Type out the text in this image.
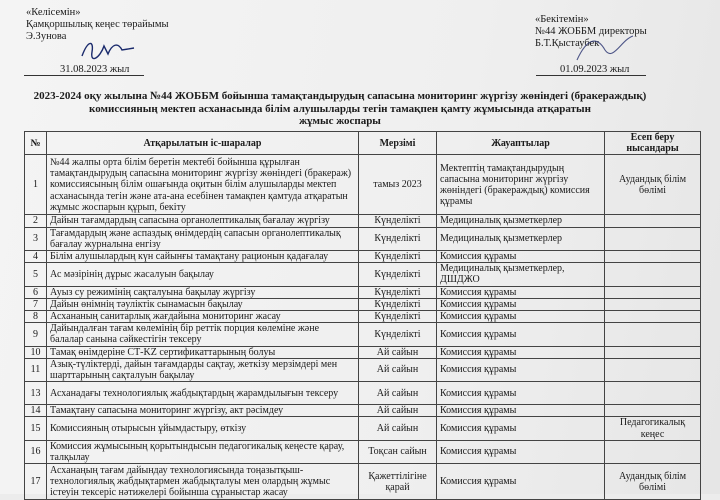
«Келісемін»
Қамқоршылық кеңес төрайымы
Э.Зунова
31.08.2023 жыл
«Бекітемін»
№44 ЖОББМ директоры
Б.Т.Қыстаубек
01.09.2023 жыл
2023-2024 оқу жылына №44 ЖОББМ бойынша тамақтандырудың сапасына мониторинг жүргізу жөніндегі (бракераждық)
комиссияның мектеп асханасында білім алушыларды тегін тамақпен қамту жұмысында атқаратын
жұмыс жоспары
№	Атқарылатын іс-шаралар	Мерзімі	Жауаптылар	Есеп беру нысандары
1	№44 жалпы орта білім беретін мектебі бойынша құрылған тамақтандырудың сапасына мониторинг жүргізу жөніндегі (бракераж) комиссиясының білім ошағында оқитын білім алушыларды мектеп асханасында тегін және ата-ана есебінен тамақпен қамтуда атқаратын жұмыс жоспарын құрып, бекіту	тамыз 2023	Мектептің тамақтандырудың сапасына мониторинг жүргізу жөніндегі (бракераждық) комиссия құрамы	Аудандық білім бөлімі
2	Дайын тағамдардың сапасына органолептикалық бағалау жүргізу	Күнделікті	Медициналық қызметкерлер	
3	Тағамдардың және аспаздық өнімдердің сапасын органолептикалық бағалау журналына енгізу	Күнделікті	Медициналық қызметкерлер	
4	Білім алушылардың күн сайынғы тамақтану рационын қадағалау	Күнделікті	Комиссия құрамы	
5	Ас мәзірінің дұрыс жасалуын бақылау	Күнделікті	Медициналық қызметкерлер, ДШДЖО	
6	Ауыз су режимінің сақталуына бақылау жүргізу	Күнделікті	Комиссия құрамы	
7	Дайын өнімнің тәуліктік сынамасын бақылау	Күнделікті	Комиссия құрамы	
8	Асхананың санитарлық жағдайына мониторинг жасау	Күнделікті	Комиссия құрамы	
9	Дайындалған тағам көлемінің бір реттік порция көлеміне және балалар санына сәйкестігін тексеру	Күнделікті	Комиссия құрамы	
10	Тамақ өнімдеріне СТ-KZ сертификаттарының болуы	Ай сайын	Комиссия құрамы	
11	Азық-түліктерді, дайын тағамдарды сақтау, жеткізу мерзімдері мен шарттарының сақталуын бақылау	Ай сайын	Комиссия құрамы	
13	Асханадағы технологиялық жабдықтардың жарамдылығын тексеру	Ай сайын	Комиссия құрамы	
14	Тамақтану сапасына мониторинг жүргізу, акт рәсімдеу	Ай сайын	Комиссия құрамы	
15	Комиссияның отырысын ұйымдастыру, өткізу	Ай сайын	Комиссия құрамы	Педагогикалық кеңес
16	Комиссия жұмысының қорытындысын педагогикалық кеңесте қарау, талқылау	Тоқсан сайын	Комиссия құрамы	
17	Асханаңың тағам дайындау технологиясында тоңазытқыш-технологиялық жабдықтармен жабдықталуы мен олардың жұмыс істеуін тексеріс нәтижелері бойынша сұраныстар жасау	Қажеттілігіне қарай	Комиссия құрамы	Аудандық білім бөлімі
